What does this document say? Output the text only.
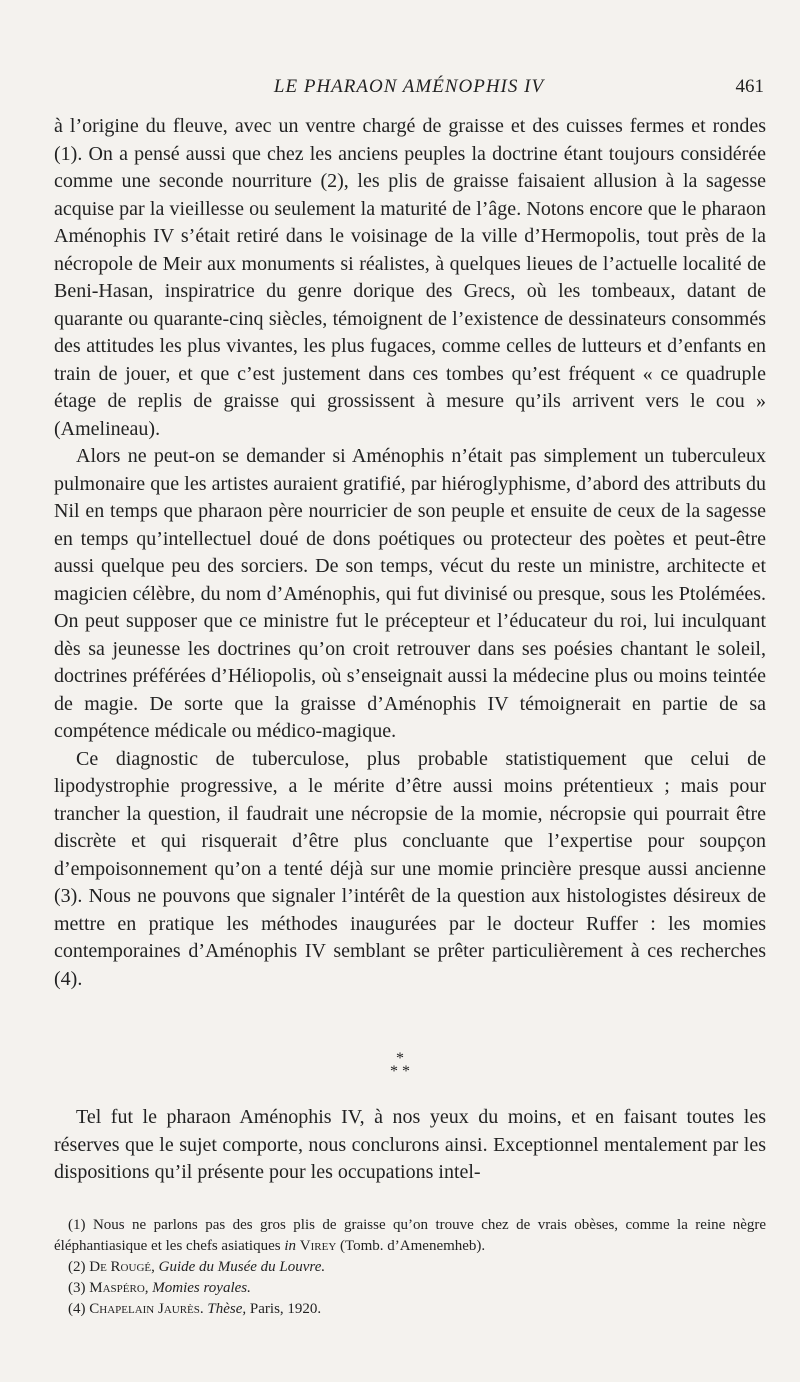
LE PHARAON AMÉNOPHIS IV	461

à l’origine du fleuve, avec un ventre chargé de graisse et des cuisses fermes et rondes (1). On a pensé aussi que chez les anciens peuples la doctrine étant toujours considérée comme une seconde nourriture (2), les plis de graisse faisaient allusion à la sagesse acquise par la vieillesse ou seulement la maturité de l’âge. Notons encore que le pharaon Aménophis IV s’était retiré dans le voisinage de la ville d’Hermopolis, tout près de la nécropole de Meir aux monuments si réalistes, à quelques lieues de l’actuelle localité de Beni-Hasan, inspiratrice du genre dorique des Grecs, où les tombeaux, datant de quarante ou quarante-cinq siècles, témoignent de l’existence de dessinateurs consommés des attitudes les plus vivantes, les plus fugaces, comme celles de lutteurs et d’enfants en train de jouer, et que c’est justement dans ces tombes qu’est fréquent « ce quadruple étage de replis de graisse qui grossissent à mesure qu’ils arrivent vers le cou » (Amelineau).

Alors ne peut-on se demander si Aménophis n’était pas simplement un tuberculeux pulmonaire que les artistes auraient gratifié, par hiéroglyphisme, d’abord des attributs du Nil en temps que pharaon père nourricier de son peuple et ensuite de ceux de la sagesse en temps qu’intellectuel doué de dons poétiques ou protecteur des poètes et peut-être aussi quelque peu des sorciers. De son temps, vécut du reste un ministre, architecte et magicien célèbre, du nom d’Aménophis, qui fut divinisé ou presque, sous les Ptolémées. On peut supposer que ce ministre fut le précepteur et l’éducateur du roi, lui inculquant dès sa jeunesse les doctrines qu’on croit retrouver dans ses poésies chantant le soleil, doctrines préférées d’Héliopolis, où s’enseignait aussi la médecine plus ou moins teintée de magie. De sorte que la graisse d’Aménophis IV témoignerait en partie de sa compétence médicale ou médico-magique.

Ce diagnostic de tuberculose, plus probable statistiquement que celui de lipodystrophie progressive, a le mérite d’être aussi moins prétentieux ; mais pour trancher la question, il faudrait une nécropsie de la momie, nécropsie qui pourrait être discrète et qui risquerait d’être plus concluante que l’expertise pour soupçon d’empoisonnement qu’on a tenté déjà sur une momie princière presque aussi ancienne (3). Nous ne pouvons que signaler l’intérêt de la question aux histologistes désireux de mettre en pratique les méthodes inaugurées par le docteur Ruffer : les momies contemporaines d’Aménophis IV semblant se prêter particulièrement à ces recherches (4).

*
* *

Tel fut le pharaon Aménophis IV, à nos yeux du moins, et en faisant toutes les réserves que le sujet comporte, nous conclurons ainsi. Exceptionnel mentalement par les dispositions qu’il présente pour les occupations intel-

(1) Nous ne parlons pas des gros plis de graisse qu’on trouve chez de vrais obèses, comme la reine nègre éléphantiasique et les chefs asiatiques in Virey (Tomb. d’Amenemheb).
(2) De Rougé, Guide du Musée du Louvre.
(3) Maspéro, Momies royales.
(4) Chapelain Jaurès. Thèse, Paris, 1920.
